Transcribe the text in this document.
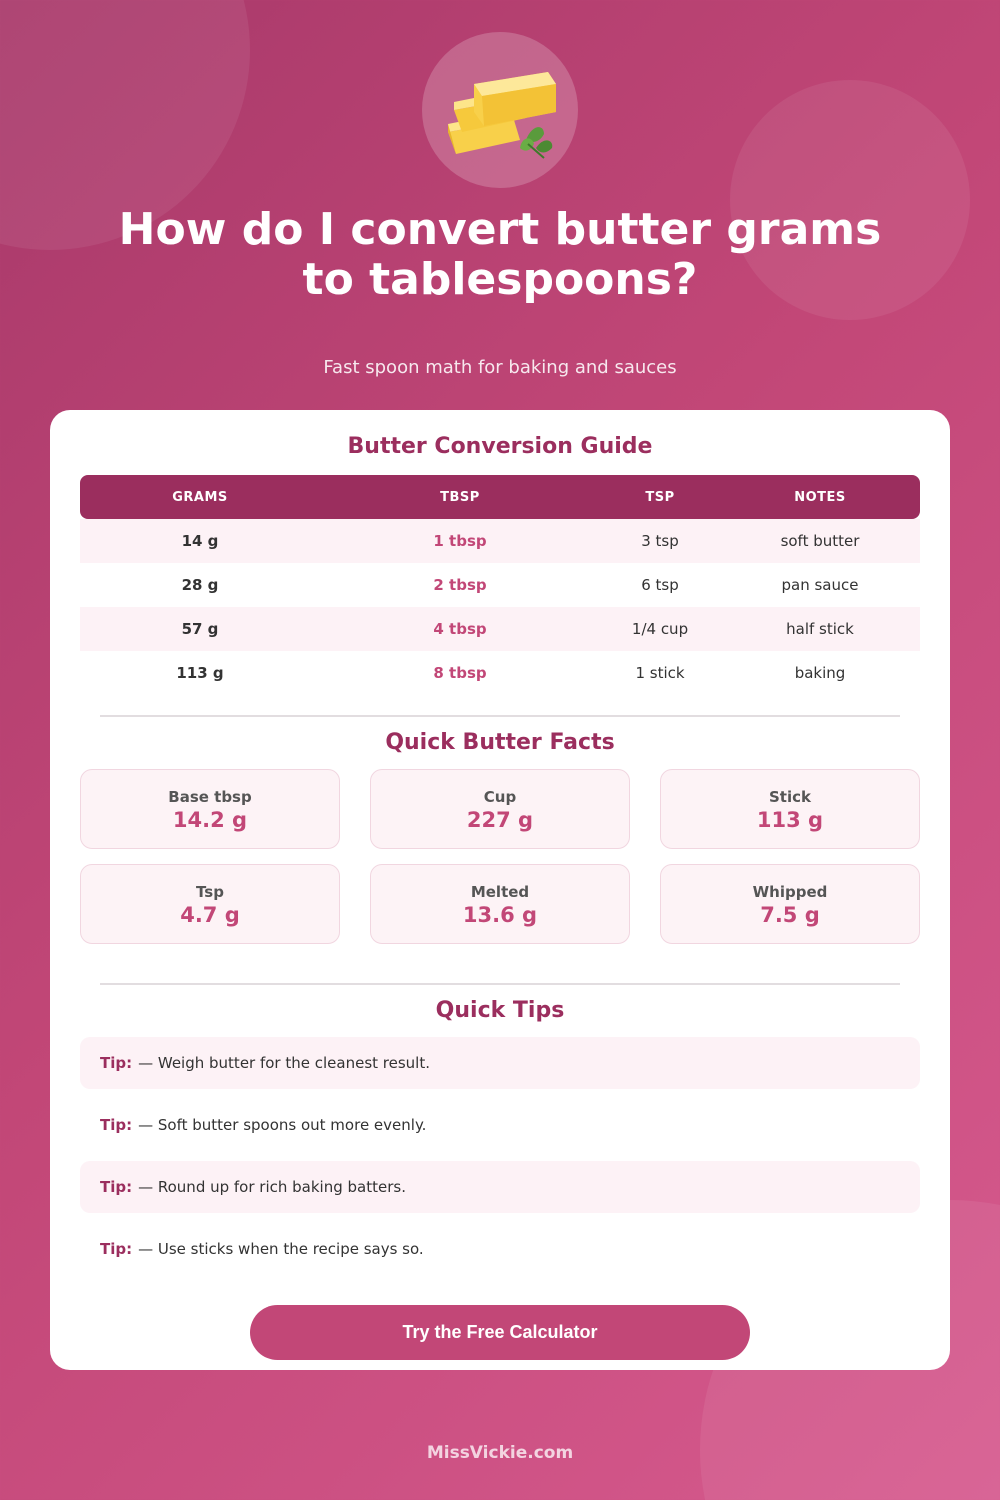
How do I convert butter grams to tablespoons?

Fast spoon math for baking and sauces

Butter Conversion Guide
GRAMS	TBSP	TSP	NOTES
14 g	1 tbsp	3 tsp	soft butter
28 g	2 tbsp	6 tsp	pan sauce
57 g	4 tbsp	1/4 cup	half stick
113 g	8 tbsp	1 stick	baking
Quick Butter Facts
Base tbsp
14.2 g
Cup
227 g
Stick
113 g
Tsp
4.7 g
Melted
13.6 g
Whipped
7.5 g
Quick Tips
Tip: — Weigh butter for the cleanest result.
Tip: — Soft butter spoons out more evenly.
Tip: — Round up for rich baking batters.
Tip: — Use sticks when the recipe says so.
Try the Free Calculator
MissVickie.com
